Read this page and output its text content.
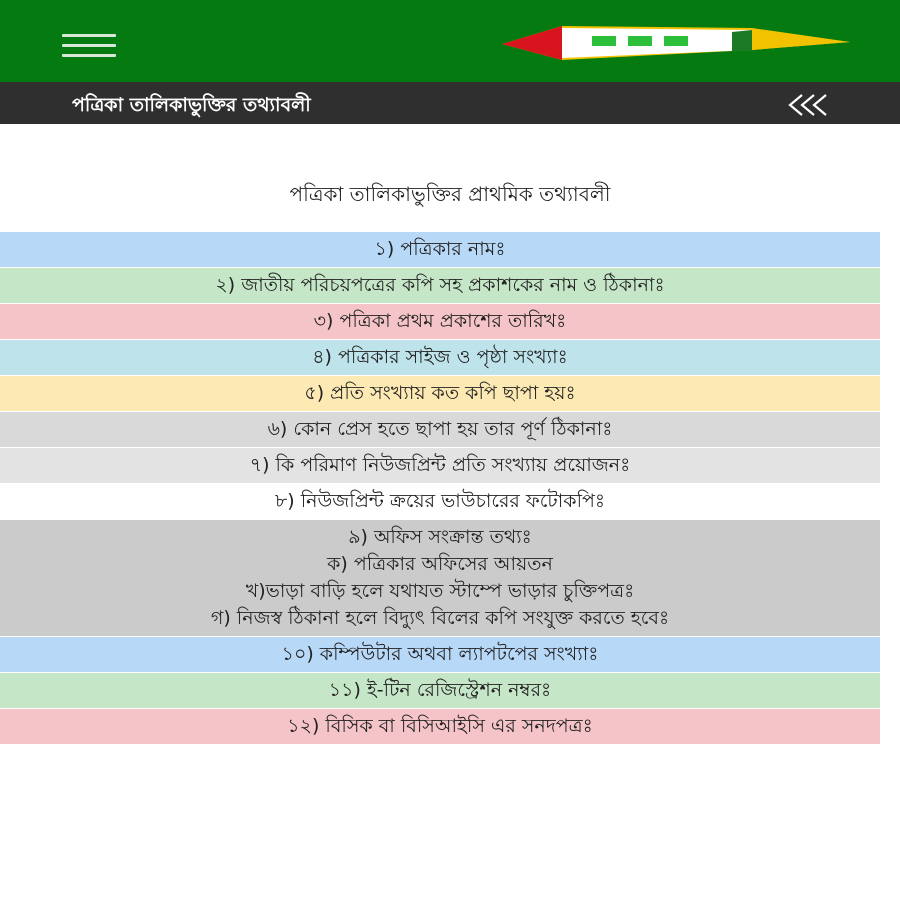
পত্রিকা তালিকাভুক্তির তথ্যাবলী
পত্রিকা তালিকাভুক্তির প্রাথমিক তথ্যাবলী
১) পত্রিকার নামঃ
২) জাতীয় পরিচয়পত্রের কপি সহ প্রকাশকের নাম ও ঠিকানাঃ
৩) পত্রিকা প্রথম প্রকাশের তারিখঃ
৪) পত্রিকার সাইজ ও পৃষ্ঠা সংখ্যাঃ
৫) প্রতি সংখ্যায় কত কপি ছাপা হয়ঃ
৬) কোন প্রেস হতে ছাপা হয় তার পূর্ণ ঠিকানাঃ
৭) কি পরিমাণ নিউজপ্রিন্ট প্রতি সংখ্যায় প্রয়োজনঃ
৮) নিউজপ্রিন্ট ক্রয়ের ভাউচারের ফটোকপিঃ
৯) অফিস সংক্রান্ত তথ্যঃ
ক) পত্রিকার অফিসের আয়তন
খ)ভাড়া বাড়ি হলে যথাযত স্টাম্পে ভাড়ার চুক্তিপত্রঃ
গ) নিজস্ব ঠিকানা হলে বিদ্যুৎ বিলের কপি সংযুক্ত করতে হবেঃ
১০) কম্পিউটার অথবা ল্যাপটপের সংখ্যাঃ
১১) ই-টিন রেজিস্ট্রেশন নম্বরঃ
১২) বিসিক বা বিসিআইসি এর সনদপত্রঃ
